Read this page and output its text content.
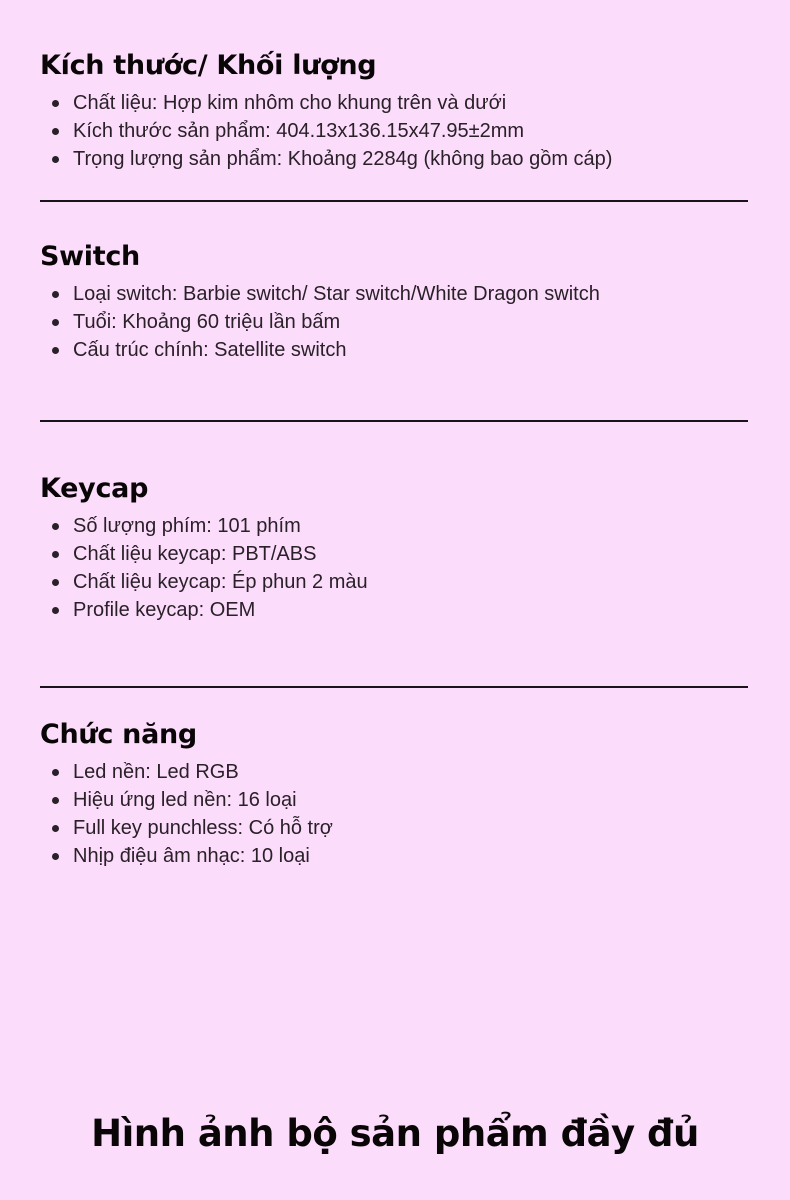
Kích thước/ Khối lượng
Chất liệu: Hợp kim nhôm cho khung trên và dưới
Kích thước sản phẩm: 404.13x136.15x47.95±2mm
Trọng lượng sản phẩm: Khoảng 2284g (không bao gồm cáp)
Switch
Loại switch: Barbie switch/ Star switch/White Dragon switch
Tuổi: Khoảng 60 triệu lần bấm
Cấu trúc chính: Satellite switch
Keycap
Số lượng phím: 101 phím
Chất liệu keycap: PBT/ABS
Chất liệu keycap: Ép phun 2 màu
Profile keycap: OEM
Chức năng
Led nền: Led RGB
Hiệu ứng led nền: 16 loại
Full key punchless: Có hỗ trợ
Nhịp điệu âm nhạc: 10 loại
Hình ảnh bộ sản phẩm đầy đủ
